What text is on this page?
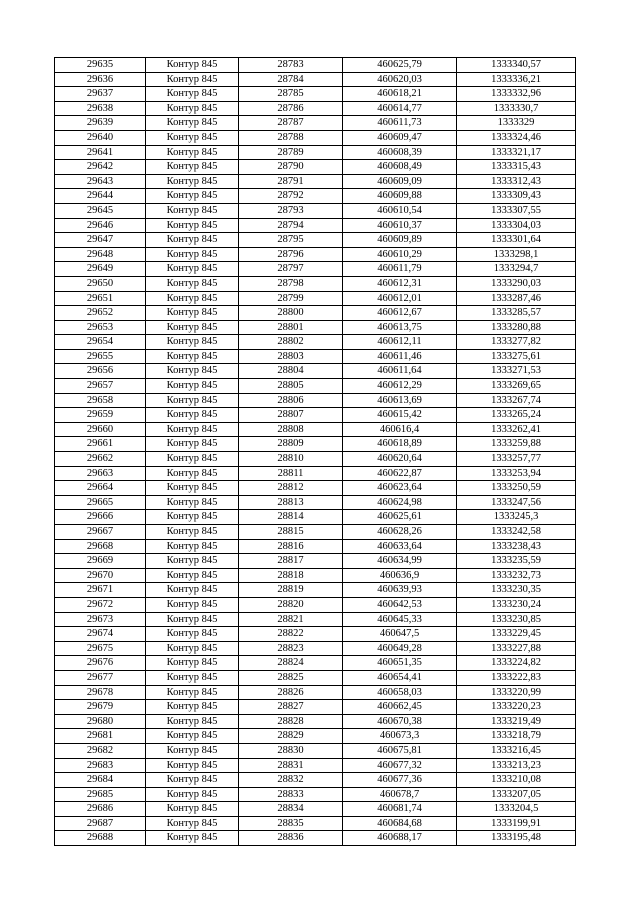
29635	Контур 845	28783	460625,79	1333340,57
29636	Контур 845	28784	460620,03	1333336,21
29637	Контур 845	28785	460618,21	1333332,96
29638	Контур 845	28786	460614,77	1333330,7
29639	Контур 845	28787	460611,73	1333329
29640	Контур 845	28788	460609,47	1333324,46
29641	Контур 845	28789	460608,39	1333321,17
29642	Контур 845	28790	460608,49	1333315,43
29643	Контур 845	28791	460609,09	1333312,43
29644	Контур 845	28792	460609,88	1333309,43
29645	Контур 845	28793	460610,54	1333307,55
29646	Контур 845	28794	460610,37	1333304,03
29647	Контур 845	28795	460609,89	1333301,64
29648	Контур 845	28796	460610,29	1333298,1
29649	Контур 845	28797	460611,79	1333294,7
29650	Контур 845	28798	460612,31	1333290,03
29651	Контур 845	28799	460612,01	1333287,46
29652	Контур 845	28800	460612,67	1333285,57
29653	Контур 845	28801	460613,75	1333280,88
29654	Контур 845	28802	460612,11	1333277,82
29655	Контур 845	28803	460611,46	1333275,61
29656	Контур 845	28804	460611,64	1333271,53
29657	Контур 845	28805	460612,29	1333269,65
29658	Контур 845	28806	460613,69	1333267,74
29659	Контур 845	28807	460615,42	1333265,24
29660	Контур 845	28808	460616,4	1333262,41
29661	Контур 845	28809	460618,89	1333259,88
29662	Контур 845	28810	460620,64	1333257,77
29663	Контур 845	28811	460622,87	1333253,94
29664	Контур 845	28812	460623,64	1333250,59
29665	Контур 845	28813	460624,98	1333247,56
29666	Контур 845	28814	460625,61	1333245,3
29667	Контур 845	28815	460628,26	1333242,58
29668	Контур 845	28816	460633,64	1333238,43
29669	Контур 845	28817	460634,99	1333235,59
29670	Контур 845	28818	460636,9	1333232,73
29671	Контур 845	28819	460639,93	1333230,35
29672	Контур 845	28820	460642,53	1333230,24
29673	Контур 845	28821	460645,33	1333230,85
29674	Контур 845	28822	460647,5	1333229,45
29675	Контур 845	28823	460649,28	1333227,88
29676	Контур 845	28824	460651,35	1333224,82
29677	Контур 845	28825	460654,41	1333222,83
29678	Контур 845	28826	460658,03	1333220,99
29679	Контур 845	28827	460662,45	1333220,23
29680	Контур 845	28828	460670,38	1333219,49
29681	Контур 845	28829	460673,3	1333218,79
29682	Контур 845	28830	460675,81	1333216,45
29683	Контур 845	28831	460677,32	1333213,23
29684	Контур 845	28832	460677,36	1333210,08
29685	Контур 845	28833	460678,7	1333207,05
29686	Контур 845	28834	460681,74	1333204,5
29687	Контур 845	28835	460684,68	1333199,91
29688	Контур 845	28836	460688,17	1333195,48
